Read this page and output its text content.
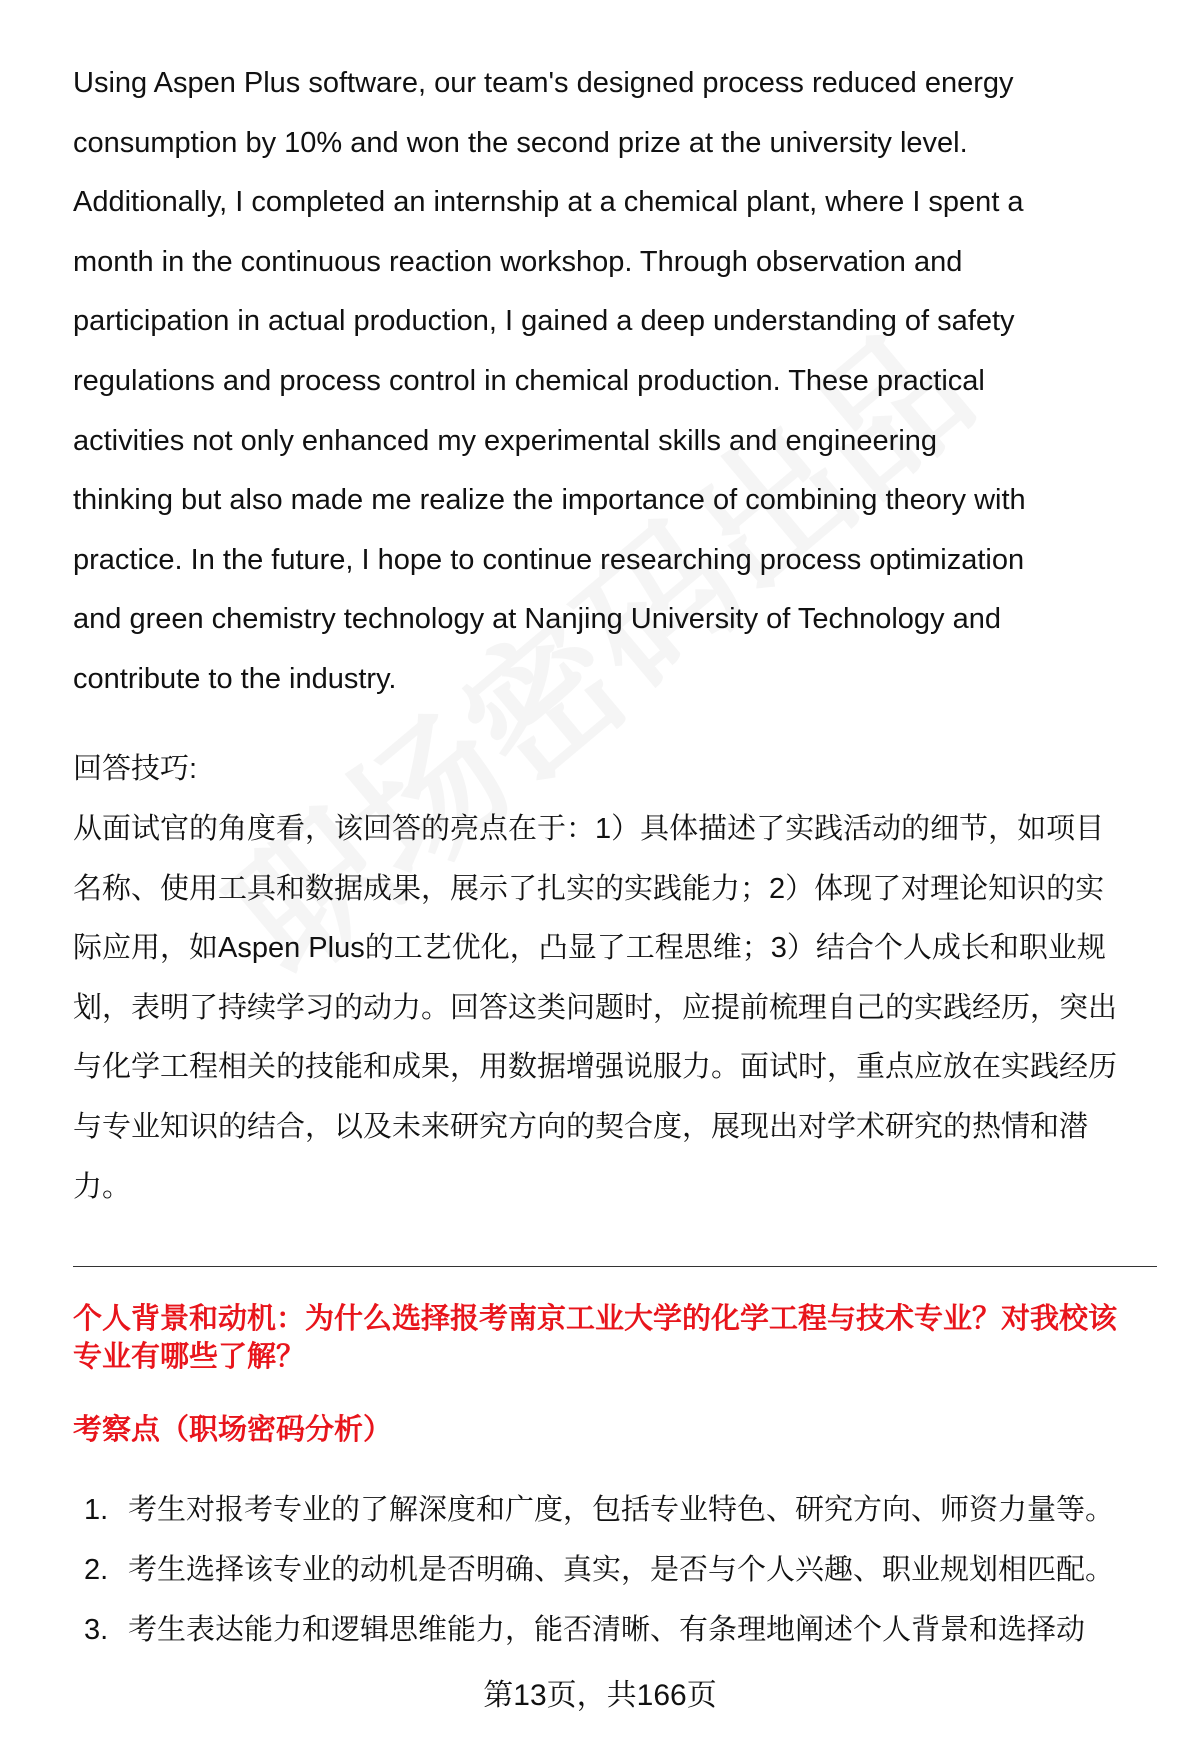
Using Aspen Plus software, our team's designed process reduced energy
consumption by 10% and won the second prize at the university level.
Additionally, I completed an internship at a chemical plant, where I spent a
month in the continuous reaction workshop. Through observation and
participation in actual production, I gained a deep understanding of safety
regulations and process control in chemical production. These practical
activities not only enhanced my experimental skills and engineering
thinking but also made me realize the importance of combining theory with
practice. In the future, I hope to continue researching process optimization
and green chemistry technology at Nanjing University of Technology and
contribute to the industry.
回答技巧:
从面试官的角度看，该回答的亮点在于：1）具体描述了实践活动的细节，如项目
名称、使用工具和数据成果，展示了扎实的实践能力；2）体现了对理论知识的实
际应用，如Aspen Plus的工艺优化，凸显了工程思维；3）结合个人成长和职业规
划，表明了持续学习的动力。回答这类问题时，应提前梳理自己的实践经历，突出
与化学工程相关的技能和成果，用数据增强说服力。面试时，重点应放在实践经历
与专业知识的结合，以及未来研究方向的契合度，展现出对学术研究的热情和潜
力。
个人背景和动机：为什么选择报考南京工业大学的化学工程与技术专业？对我校该
专业有哪些了解？
考察点（职场密码分析）
1. 考生对报考专业的了解深度和广度，包括专业特色、研究方向、师资力量等。
2. 考生选择该专业的动机是否明确、真实，是否与个人兴趣、职业规划相匹配。
3. 考生表达能力和逻辑思维能力，能否清晰、有条理地阐述个人背景和选择动
第13页，共166页
